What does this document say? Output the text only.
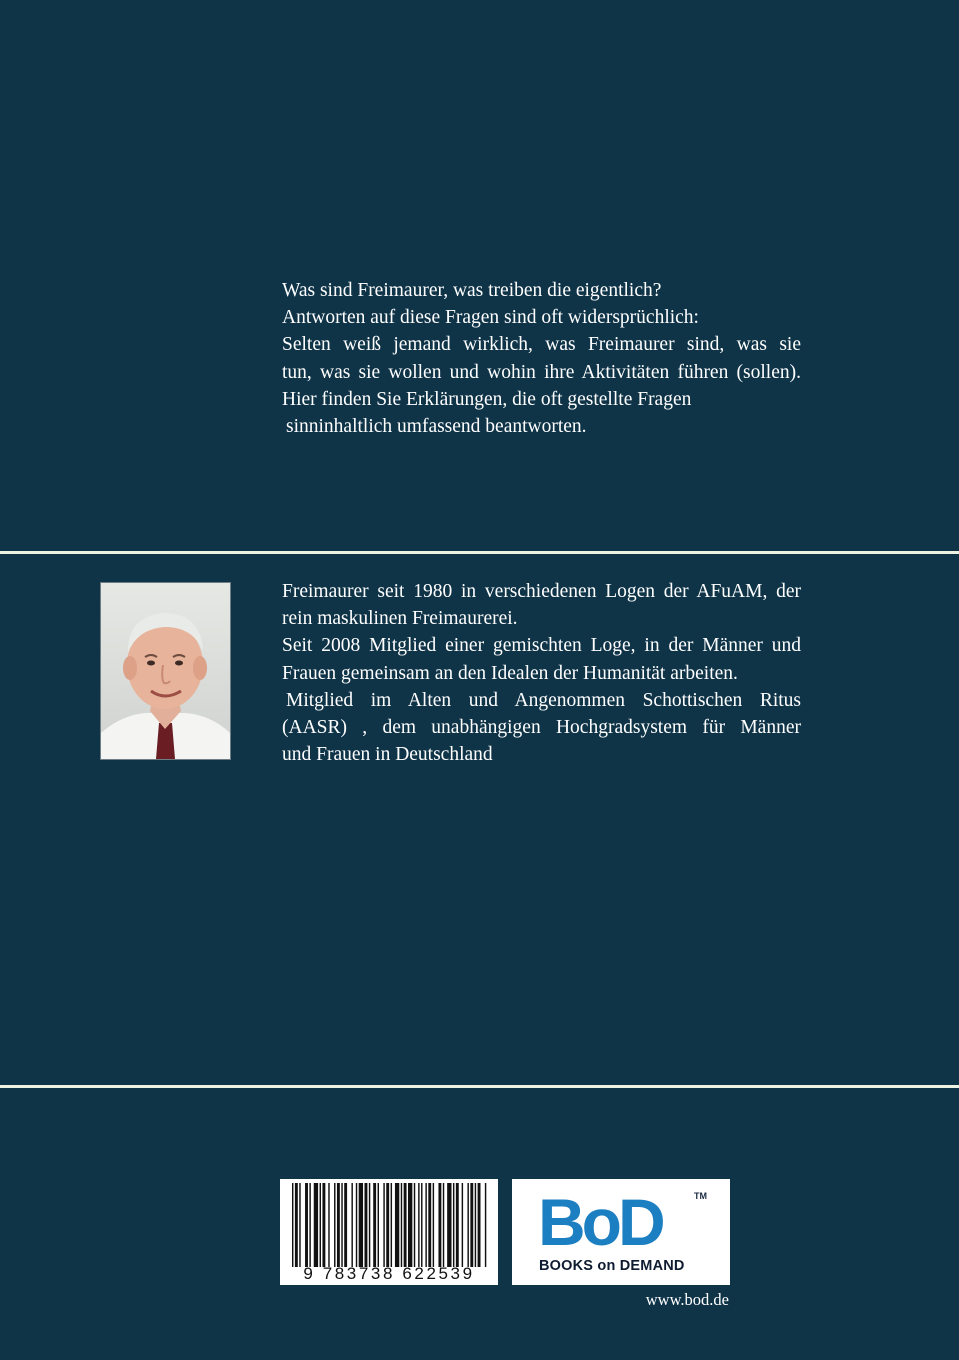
Was sind Freimaurer, was treiben die eigentlich?

Antworten auf diese Fragen sind oft widersprüchlich:

Selten weiß jemand wirklich, was Freimaurer sind, was sie

tun, was sie wollen und wohin ihre Aktivitäten führen (sollen).

Hier finden Sie Erklärungen, die oft gestellte Fragen

sinninhaltlich umfassend beantworten.

Freimaurer seit 1980 in verschiedenen Logen der AFuAM, der

rein maskulinen Freimaurerei.

Seit 2008 Mitglied einer gemischten Loge, in der Männer und

Frauen gemeinsam an den Idealen der Humanität arbeiten.

Mitglied im Alten und Angenommen Schottischen Ritus

(AASR) , dem unabhängigen Hochgradsystem für Männer

und Frauen in Deutschland

9 783738 622539
BoD	TM
BOOKS on DEMAND
www.bod.de
